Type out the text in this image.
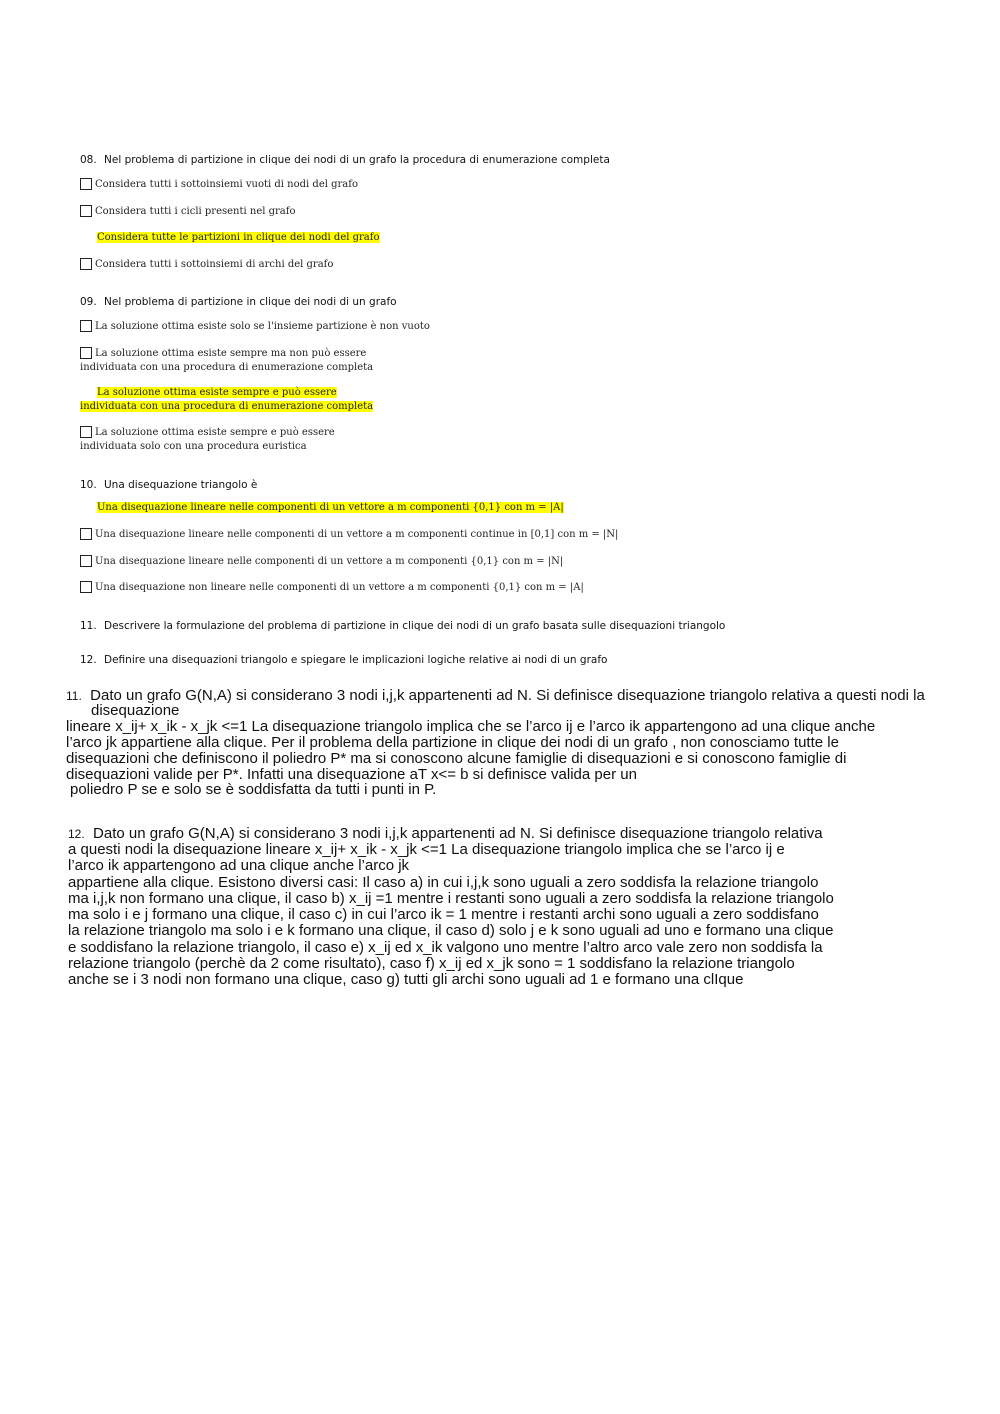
08. Nel problema di partizione in clique dei nodi di un grafo la procedura di enumerazione completa
Considera tutti i sottoinsiemi vuoti di nodi del grafo
Considera tutti i cicli presenti nel grafo
Considera tutte le partizioni in clique dei nodi del grafo
Considera tutti i sottoinsiemi di archi del grafo
09. Nel problema di partizione in clique dei nodi di un grafo
La soluzione ottima esiste solo se l'insieme partizione è non vuoto
La soluzione ottima esiste sempre ma non può essere
individuata con una procedura di enumerazione completa
La soluzione ottima esiste sempre e può essere
individuata con una procedura di enumerazione completa
La soluzione ottima esiste sempre e può essere
individuata solo con una procedura euristica
10. Una disequazione triangolo è
Una disequazione lineare nelle componenti di un vettore a m componenti {0,1} con m = |A|
Una disequazione lineare nelle componenti di un vettore a m componenti continue in [0,1] con m = |N|
Una disequazione lineare nelle componenti di un vettore a m componenti {0,1} con m = |N|
Una disequazione non lineare nelle componenti di un vettore a m componenti {0,1} con m = |A|
11. Descrivere la formulazione del problema di partizione in clique dei nodi di un grafo basata sulle disequazioni triangolo
12. Definire una disequazioni triangolo e spiegare le implicazioni logiche relative ai nodi di un grafo
11. Dato un grafo G(N,A) si considerano 3 nodi i,j,k appartenenti ad N. Si definisce disequazione triangolo relativa a questi nodi la
disequazione
lineare x_ij+ x_ik - x_jk <=1 La disequazione triangolo implica che se l’arco ij e l’arco ik appartengono ad una clique anche
l’arco jk appartiene alla clique. Per il problema della partizione in clique dei nodi di un grafo , non conosciamo tutte le
disequazioni che definiscono il poliedro P* ma si conoscono alcune famiglie di disequazioni e si conoscono famiglie di
disequazioni valide per P*. Infatti una disequazione aT x<= b si definisce valida per un
poliedro P se e solo se è soddisfatta da tutti i punti in P.
12. Dato un grafo G(N,A) si considerano 3 nodi i,j,k appartenenti ad N. Si definisce disequazione triangolo relativa
a questi nodi la disequazione lineare x_ij+ x_ik - x_jk <=1 La disequazione triangolo implica che se l’arco ij e
l’arco ik appartengono ad una clique anche l’arco jk
appartiene alla clique. Esistono diversi casi: Il caso a) in cui i,j,k sono uguali a zero soddisfa la relazione triangolo
ma i,j,k non formano una clique, il caso b) x_ij =1 mentre i restanti sono uguali a zero soddisfa la relazione triangolo
ma solo i e j formano una clique, il caso c) in cui l’arco ik = 1 mentre i restanti archi sono uguali a zero soddisfano
la relazione triangolo ma solo i e k formano una clique, il caso d) solo j e k sono uguali ad uno e formano una clique
e soddisfano la relazione triangolo, il caso e) x_ij ed x_ik valgono uno mentre l’altro arco vale zero non soddisfa la
relazione triangolo (perchè da 2 come risultato), caso f) x_ij ed x_jk sono = 1 soddisfano la relazione triangolo
anche se i 3 nodi non formano una clique, caso g) tutti gli archi sono uguali ad 1 e formano una clIque
